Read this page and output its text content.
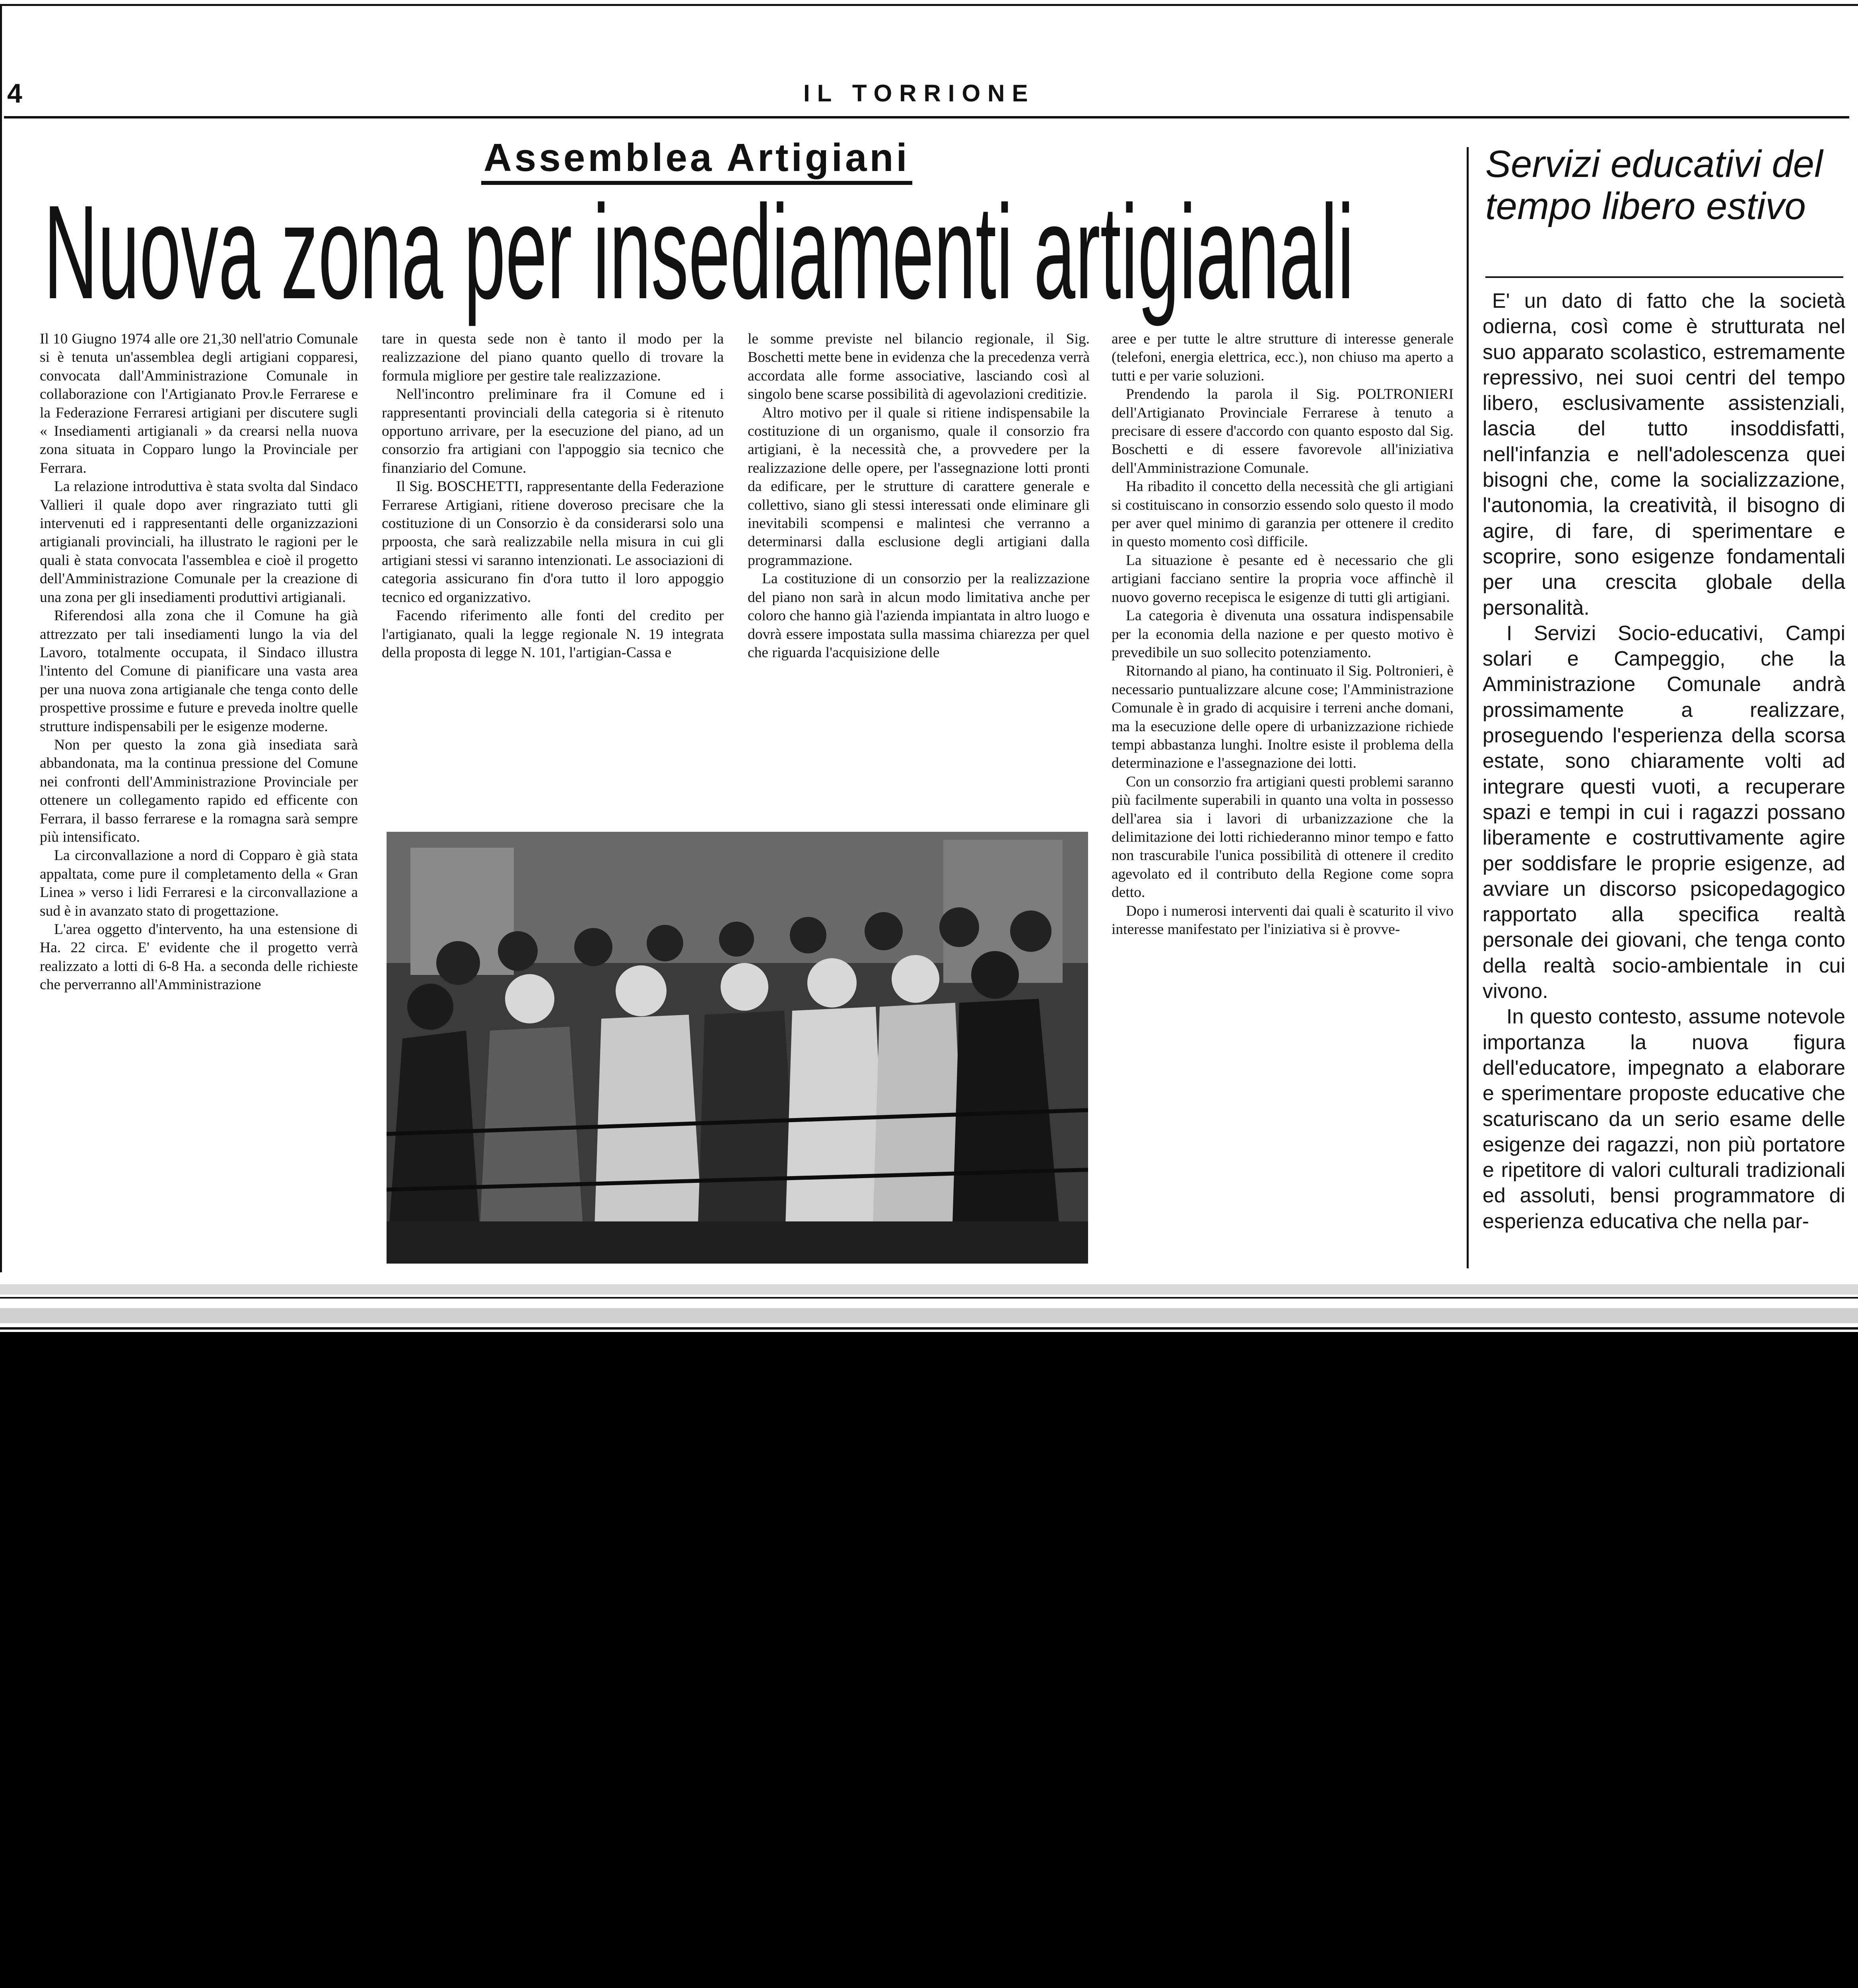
4	IL TORRIONE
Assemblea Artigiani
Nuova zona per insediamenti artigianali

Il 10 Giugno 1974 alle ore 21,30 nell'atrio Comunale si è tenuta un'assemblea degli artigiani copparesi, convocata dall'Amministrazione Comunale in collaborazione con l'Artigianato Prov.le Ferrarese e la Federazione Ferraresi artigiani per discutere sugli « Insediamenti artigianali » da crearsi nella nuova zona situata in Copparo lungo la Provinciale per Ferrara.

La relazione introduttiva è stata svolta dal Sindaco Vallieri il quale dopo aver ringraziato tutti gli intervenuti ed i rappresentanti delle organizzazioni artigianali provinciali, ha illustrato le ragioni per le quali è stata convocata l'assemblea e cioè il progetto dell'Amministrazione Comunale per la creazione di una zona per gli insediamenti produttivi artigianali.

Riferendosi alla zona che il Comune ha già attrezzato per tali insediamenti lungo la via del Lavoro, totalmente occupata, il Sindaco illustra l'intento del Comune di pianificare una vasta area per una nuova zona artigianale che tenga conto delle prospettive prossime e future e preveda inoltre quelle strutture indispensabili per le esigenze moderne.

Non per questo la zona già insediata sarà abbandonata, ma la continua pressione del Comune nei confronti dell'Amministrazione Provinciale per ottenere un collegamento rapido ed efficente con Ferrara, il basso ferrarese e la romagna sarà sempre più intensificato.

La circonvallazione a nord di Copparo è già stata appaltata, come pure il completamento della « Gran Linea » verso i lidi Ferraresi e la circonvallazione a sud è in avanzato stato di progettazione.

L'area oggetto d'intervento, ha una estensione di Ha. 22 circa. E' evidente che il progetto verrà realizzato a lotti di 6-8 Ha. a seconda delle richieste che perverranno all'Amministrazione

tare in questa sede non è tanto il modo per la realizzazione del piano quanto quello di trovare la formula migliore per gestire tale realizzazione.

Nell'incontro preliminare fra il Comune ed i rappresentanti provinciali della categoria si è ritenuto opportuno arrivare, per la esecuzione del piano, ad un consorzio fra artigiani con l'appoggio sia tecnico che finanziario del Comune.

Il Sig. BOSCHETTI, rappresentante della Federazione Ferrarese Artigiani, ritiene doveroso precisare che la costituzione di un Consorzio è da considerarsi solo una prpoosta, che sarà realizzabile nella misura in cui gli artigiani stessi vi saranno intenzionati. Le associazioni di categoria assicurano fin d'ora tutto il loro appoggio tecnico ed organizzativo.

Facendo riferimento alle fonti del credito per l'artigianato, quali la legge regionale N. 19 integrata della proposta di legge N. 101, l'artigian-Cassa e

le somme previste nel bilancio regionale, il Sig. Boschetti mette bene in evidenza che la precedenza verrà accordata alle forme associative, lasciando così al singolo bene scarse possibilità di agevolazioni creditizie.

Altro motivo per il quale si ritiene indispensabile la costituzione di un organismo, quale il consorzio fra artigiani, è la necessità che, a provvedere per la realizzazione delle opere, per l'assegnazione lotti pronti da edificare, per le strutture di carattere generale e collettivo, siano gli stessi interessati onde eliminare gli inevitabili scompensi e malintesi che verranno a determinarsi dalla esclusione degli artigiani dalla programmazione.

La costituzione di un consorzio per la realizzazione del piano non sarà in alcun modo limitativa anche per coloro che hanno già l'azienda impiantata in altro luogo e dovrà essere impostata sulla massima chiarezza per quel che riguarda l'acquisizione delle

aree e per tutte le altre strutture di interesse generale (telefoni, energia elettrica, ecc.), non chiuso ma aperto a tutti e per varie soluzioni.

Prendendo la parola il Sig. POLTRONIERI dell'Artigianato Provinciale Ferrarese à tenuto a precisare di essere d'accordo con quanto esposto dal Sig. Boschetti e di essere favorevole all'iniziativa dell'Amministrazione Comunale.

Ha ribadito il concetto della necessità che gli artigiani si costituiscano in consorzio essendo solo questo il modo per aver quel minimo di garanzia per ottenere il credito in questo momento così difficile.

La situazione è pesante ed è necessario che gli artigiani facciano sentire la propria voce affinchè il nuovo governo recepisca le esigenze di tutti gli artigiani.

La categoria è divenuta una ossatura indispensabile per la economia della nazione e per questo motivo è prevedibile un suo sollecito potenziamento.

Ritornando al piano, ha continuato il Sig. Poltronieri, è necessario puntualizzare alcune cose; l'Amministrazione Comunale è in grado di acquisire i terreni anche domani, ma la esecuzione delle opere di urbanizzazione richiede tempi abbastanza lunghi. Inoltre esiste il problema della determinazione e l'assegnazione dei lotti.

Con un consorzio fra artigiani questi problemi saranno più facilmente superabili in quanto una volta in possesso dell'area sia i lavori di urbanizzazione che la delimitazione dei lotti richiederanno minor tempo e fatto non trascurabile l'unica possibilità di ottenere il credito agevolato ed il contributo della Regione come sopra detto.

Dopo i numerosi interventi dai quali è scaturito il vivo interesse manifestato per l'iniziativa si è provve-

Servizi educativi del tempo libero estivo

E' un dato di fatto che la società odierna, così come è strutturata nel suo apparato scolastico, estremamente repressivo, nei suoi centri del tempo libero, esclusivamente assistenziali, lascia del tutto insoddisfatti, nell'infanzia e nell'adolescenza quei bisogni che, come la socializzazione, l'autonomia, la creatività, il bisogno di agire, di fare, di sperimentare e scoprire, sono esigenze fondamentali per una crescita globale della personalità.

I Servizi Socio-educativi, Campi solari e Campeggio, che la Amministrazione Comunale andrà prossimamente a realizzare, proseguendo l'esperienza della scorsa estate, sono chiaramente volti ad integrare questi vuoti, a recuperare spazi e tempi in cui i ragazzi possano liberamente e costruttivamente agire per soddisfare le proprie esigenze, ad avviare un discorso psicopedagogico rapportato alla specifica realtà personale dei giovani, che tenga conto della realtà socio-ambientale in cui vivono.

In questo contesto, assume notevole importanza la nuova figura dell'educatore, impegnato a elaborare e sperimentare proposte educative che scaturiscano da un serio esame delle esigenze dei ragazzi, non più portatore e ripetitore di valori culturali tradizionali ed assoluti, bensi programmatore di esperienza educativa che nella par-
